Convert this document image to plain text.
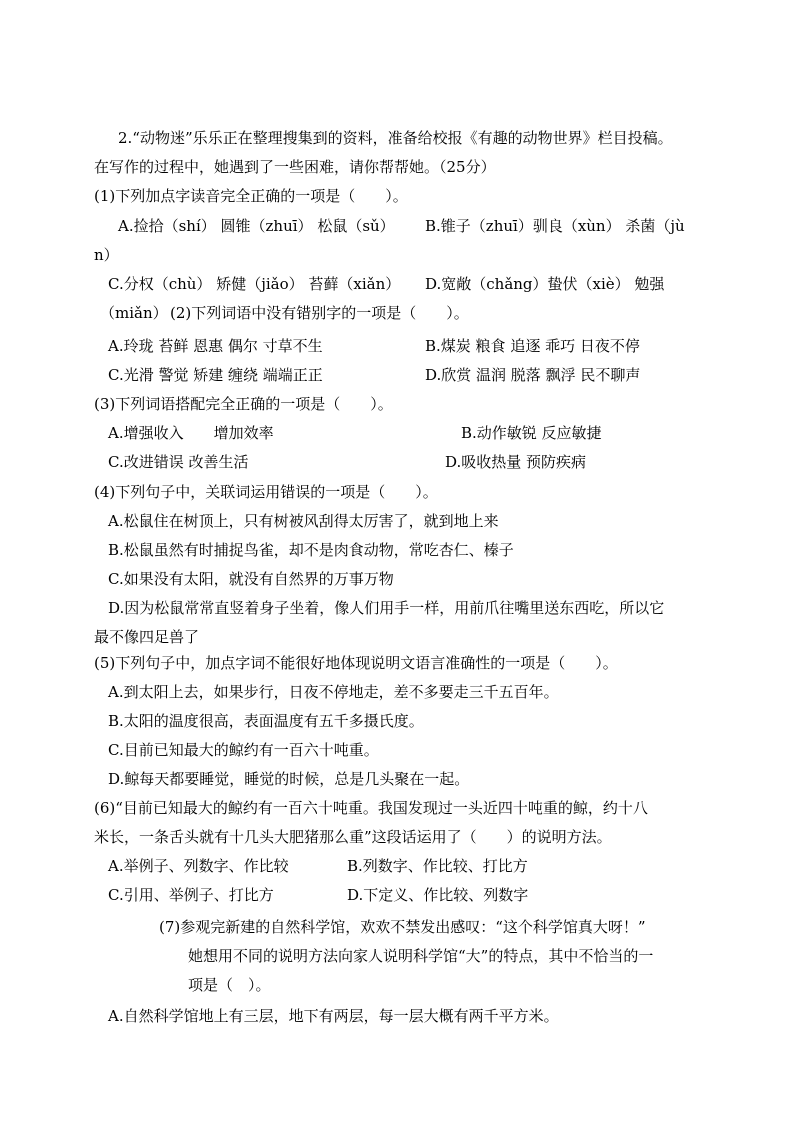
2.“动物迷”乐乐正在整理搜集到的资料，准备给校报《有趣的动物世界》栏目投稿。
在写作的过程中，她遇到了一些困难，请你帮帮她。（25分）
(1)下列加点字读音完全正确的一项是（　　）。
A.捡拾（shí） 圆锥（zhuī） 松鼠（sǔ） B.锥子（zhuī）驯良（xùn） 杀菌（jù
n）
C.分权（chù） 矫健（jiǎo） 苔藓（xiǎn） D.宽敞（chǎng）蛰伏（xiè） 勉强
（miǎn） (2)下列词语中没有错别字的一项是（　　）。
A.玲珑 苔鲜 恩惠 偶尔 寸草不生	B.煤炭 粮食 追逐 乖巧 日夜不停
C.光滑 警觉 矫建 缠绕 端端正正	D.欣赏 温润 脱落 飘浮 民不聊声
(3)下列词语搭配完全正确的一项是（　　）。
A.增强收入　　增加效率	B.动作敏锐 反应敏捷
C.改进错误 改善生活	D.吸收热量 预防疾病
(4)下列句子中，关联词运用错误的一项是（　　）。
A.松鼠住在树顶上，只有树被风刮得太厉害了，就到地上来
B.松鼠虽然有时捕捉鸟雀，却不是肉食动物，常吃杏仁、榛子
C.如果没有太阳，就没有自然界的万事万物
D.因为松鼠常常直竖着身子坐着，像人们用手一样，用前爪往嘴里送东西吃，所以它
最不像四足兽了
(5)下列句子中，加点字词不能很好地体现说明文语言准确性的一项是（　　）。
A.到太阳上去，如果步行，日夜不停地走，差不多要走三千五百年。
B.太阳的温度很高，表面温度有五千多摄氏度。
C.目前已知最大的鲸约有一百六十吨重。
D.鲸每天都要睡觉，睡觉的时候，总是几头聚在一起。
(6)“目前已知最大的鲸约有一百六十吨重。我国发现过一头近四十吨重的鲸，约十八
米长，一条舌头就有十几头大肥猪那么重”这段话运用了（　　）的说明方法。
A.举例子、列数字、作比较	B.列数字、作比较、打比方
C.引用、举例子、打比方	D.下定义、作比较、列数字
(7)参观完新建的自然科学馆，欢欢不禁发出感叹：“这个科学馆真大呀！”
她想用不同的说明方法向家人说明科学馆“大”的特点，其中不恰当的一
项是（　）。
A.自然科学馆地上有三层，地下有两层，每一层大概有两千平方米。
